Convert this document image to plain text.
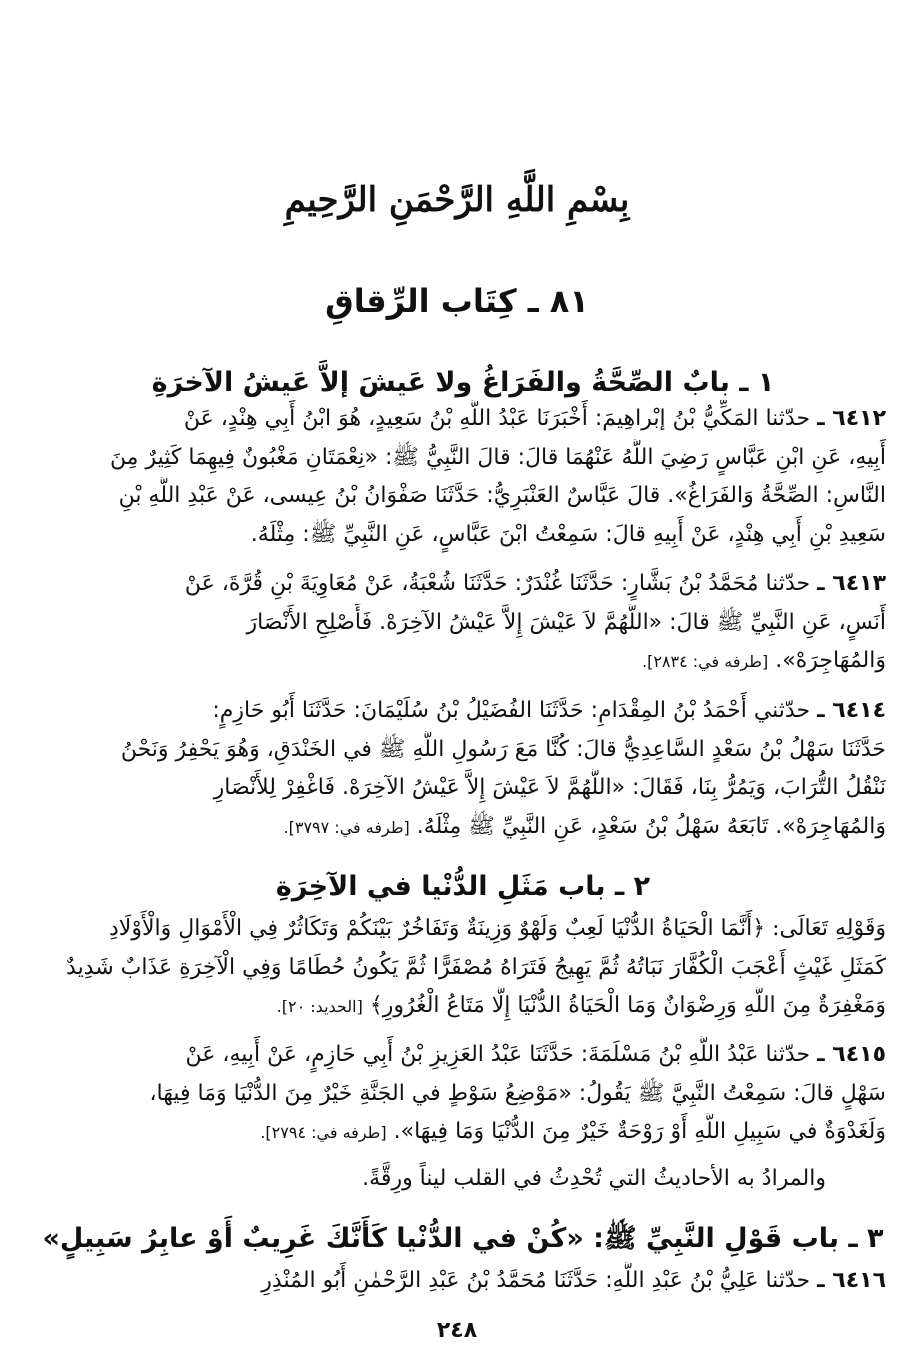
بِسْمِ اللَّهِ الرَّحْمَنِ الرَّحِيمِ
٨١ ـ كِتَاب الرِّقاقِ
١ ـ بابٌ الصِّحَّةُ والفَرَاغُ ولا عَيشَ إلاَّ عَيشُ الآخرَةِ

٦٤١٢ ـ حدّثنا المَكِّيُّ بْنُ إبْراهِيمَ: أَخْبَرَنَا عَبْدُ اللَّهِ بْنُ سَعِيدٍ، هُوَ ابْنُ أَبِي هِنْدٍ، عَنْ

أَبِيهِ، عَنِ ابْنِ عَبَّاسٍ رَضِيَ اللَّهُ عَنْهُمَا قالَ: قالَ النَّبِيُّ ﷺ: «نِعْمَتَانِ مَغْبُونٌ فِيهِمَا كَثِيرٌ مِنَ

النَّاسِ: الصِّحَّةُ وَالفَرَاغُ». قالَ عَبَّاسٌ العَنْبَرِيُّ: حَدَّثَنَا صَفْوَانُ بْنُ عِيسى، عَنْ عَبْدِ اللَّهِ بْنِ

سَعِيدِ بْنِ أَبِي هِنْدٍ، عَنْ أَبِيهِ قالَ: سَمِعْتُ ابْنَ عَبَّاسٍ، عَنِ النَّبِيِّ ﷺ: مِثْلَهُ.

٦٤١٣ ـ حدّثنا مُحَمَّدُ بْنُ بَشَّارٍ: حَدَّثَنَا غُنْدَرٌ: حَدَّثَنَا شُعْبَةُ، عَنْ مُعَاوِيَةَ بْنِ قُرَّةَ، عَنْ

أَنَسٍ، عَنِ النَّبِيِّ ﷺ قالَ: «اللَّهُمَّ لاَ عَيْشَ إِلاَّ عَيْشُ الآخِرَهْ. فَأَصْلِحِ الأَنْصَارَ

وَالمُهَاجِرَهْ». [طرفه في: ٢٨٣٤].

٦٤١٤ ـ حدّثني أَحْمَدُ بْنُ المِقْدَامِ: حَدَّثَنَا الفُضَيْلُ بْنُ سُلَيْمَانَ: حَدَّثَنَا أَبُو حَازِمٍ:

حَدَّثَنَا سَهْلُ بْنُ سَعْدٍ السَّاعِدِيُّ قالَ: كُنَّا مَعَ رَسُولِ اللَّهِ ﷺ في الخَنْدَقِ، وَهُوَ يَحْفِرُ وَنَحْنُ

نَنْقُلُ التُّرَابَ، وَيَمُرُّ بِنَا، فَقَالَ: «اللَّهُمَّ لاَ عَيْشَ إِلاَّ عَيْشُ الآخِرَهْ. فَاغْفِرْ لِلأَنْصَارِ

وَالمُهَاجِرَهْ». تَابَعَهُ سَهْلُ بْنُ سَعْدٍ، عَنِ النَّبِيِّ ﷺ مِثْلَهُ. [طرفه في: ٣٧٩٧].

٢ ـ باب مَثَلِ الدُّنْيا في الآخِرَةِ

وَقَوْلِهِ تَعَالَى: ﴿أَنَّمَا الْحَيَاةُ الدُّنْيَا لَعِبٌ وَلَهْوٌ وَزِينَةٌ وَتَفَاخُرٌ بَيْنَكُمْ وَتَكَاثُرٌ فِي الْأَمْوَالِ وَالْأَوْلَادِ

كَمَثَلِ غَيْثٍ أَعْجَبَ الْكُفَّارَ نَبَاتُهُ ثُمَّ يَهِيجُ فَتَرَاهُ مُصْفَرًّا ثُمَّ يَكُونُ حُطَامًا وَفِي الْآخِرَةِ عَذَابٌ شَدِيدٌ

وَمَغْفِرَةٌ مِنَ اللَّهِ وَرِضْوَانٌ وَمَا الْحَيَاةُ الدُّنْيَا إِلَّا مَتَاعُ الْغُرُورِ﴾ [الحديد: ٢٠].

٦٤١٥ ـ حدّثنا عَبْدُ اللَّهِ بْنُ مَسْلَمَةَ: حَدَّثَنَا عَبْدُ العَزِيزِ بْنُ أَبِي حَازِمٍ، عَنْ أَبِيهِ، عَنْ

سَهْلٍ قالَ: سَمِعْتُ النَّبِيَّ ﷺ يَقُولُ: «مَوْضِعُ سَوْطٍ في الجَنَّةِ خَيْرٌ مِنَ الدُّنْيَا وَمَا فِيهَا،

وَلَغَدْوَةٌ في سَبِيلِ اللَّهِ أَوْ رَوْحَةٌ خَيْرٌ مِنَ الدُّنْيَا وَمَا فِيهَا». [طرفه في: ٢٧٩٤].

والمرادُ به الأحاديثُ التي تُحْدِثُ في القلب ليناً ورِقَّةً.
٣ ـ باب قَوْلِ النَّبِيِّ ﷺ: «كُنْ في الدُّنْيا كَأَنَّكَ غَرِيبٌ أَوْ عابِرُ سَبِيلٍ»

٦٤١٦ ـ حدّثنا عَلِيُّ بْنُ عَبْدِ اللَّهِ: حَدَّثَنَا مُحَمَّدُ بْنُ عَبْدِ الرَّحْمٰنِ أَبُو المُنْذِرِ

٢٤٨
